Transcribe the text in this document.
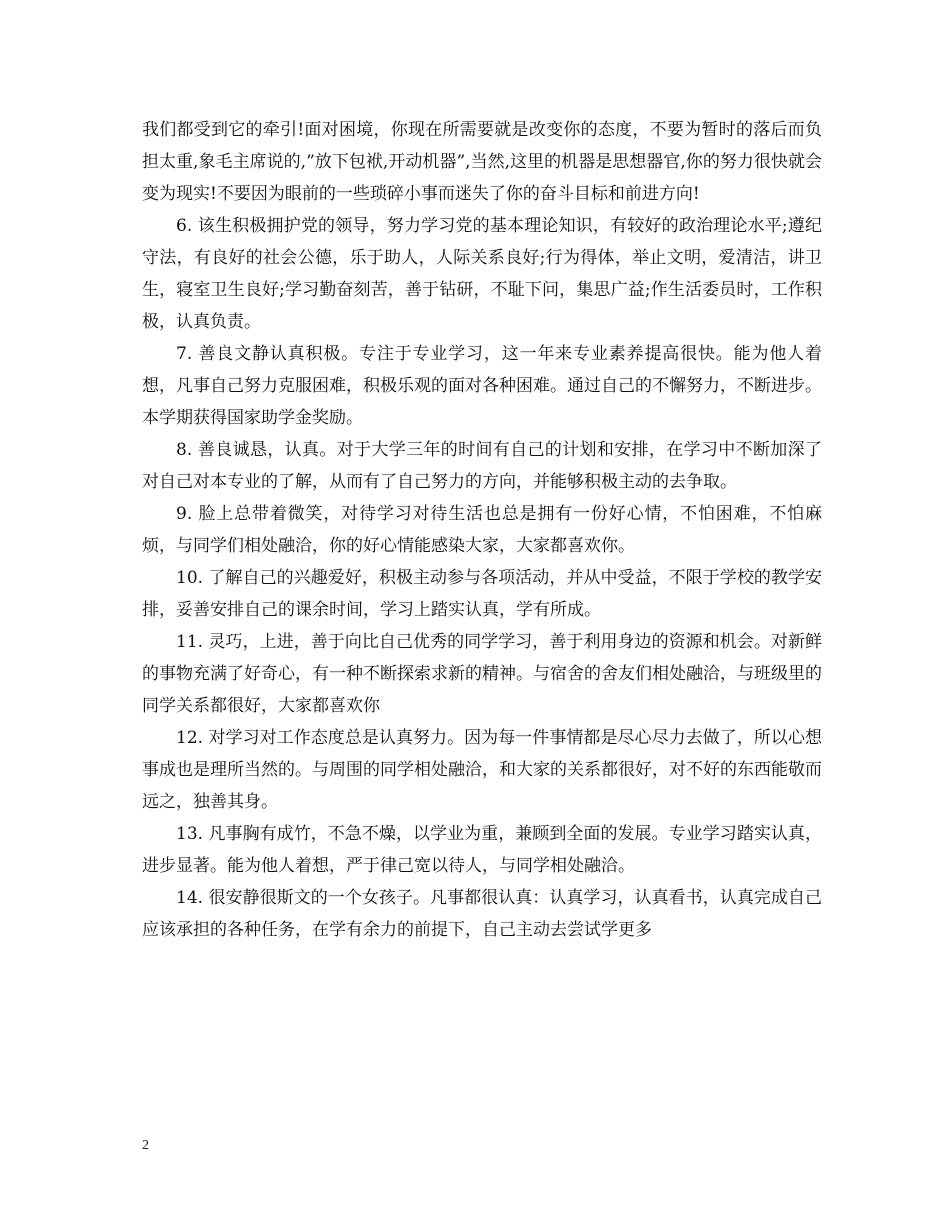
我们都受到它的牵引!面对困境，你现在所需要就是改变你的态度，不要为暂时的落后而负担太重,象毛主席说的,”放下包袱,开动机器”,当然,这里的机器是思想器官,你的努力很快就会变为现实!不要因为眼前的一些琐碎小事而迷失了你的奋斗目标和前进方向!

6. 该生积极拥护党的领导，努力学习党的基本理论知识，有较好的政治理论水平;遵纪守法，有良好的社会公德，乐于助人，人际关系良好;行为得体，举止文明，爱清洁，讲卫生，寝室卫生良好;学习勤奋刻苦，善于钻研，不耻下问，集思广益;作生活委员时，工作积极，认真负责。

7. 善良文静认真积极。专注于专业学习，这一年来专业素养提高很快。能为他人着想，凡事自己努力克服困难，积极乐观的面对各种困难。通过自己的不懈努力，不断进步。本学期获得国家助学金奖励。

8. 善良诚恳，认真。对于大学三年的时间有自己的计划和安排，在学习中不断加深了对自己对本专业的了解，从而有了自己努力的方向，并能够积极主动的去争取。

9. 脸上总带着微笑，对待学习对待生活也总是拥有一份好心情，不怕困难，不怕麻烦，与同学们相处融洽，你的好心情能感染大家，大家都喜欢你。

10. 了解自己的兴趣爱好，积极主动参与各项活动，并从中受益，不限于学校的教学安排，妥善安排自己的课余时间，学习上踏实认真，学有所成。

11. 灵巧，上进，善于向比自己优秀的同学学习，善于利用身边的资源和机会。对新鲜的事物充满了好奇心，有一种不断探索求新的精神。与宿舍的舍友们相处融洽，与班级里的同学关系都很好，大家都喜欢你

12. 对学习对工作态度总是认真努力。因为每一件事情都是尽心尽力去做了，所以心想事成也是理所当然的。与周围的同学相处融洽，和大家的关系都很好，对不好的东西能敬而远之，独善其身。

13. 凡事胸有成竹，不急不燥，以学业为重，兼顾到全面的发展。专业学习踏实认真，进步显著。能为他人着想，严于律己宽以待人，与同学相处融洽。

14. 很安静很斯文的一个女孩子。凡事都很认真：认真学习，认真看书，认真完成自己应该承担的各种任务，在学有余力的前提下，自己主动去尝试学更多

2
